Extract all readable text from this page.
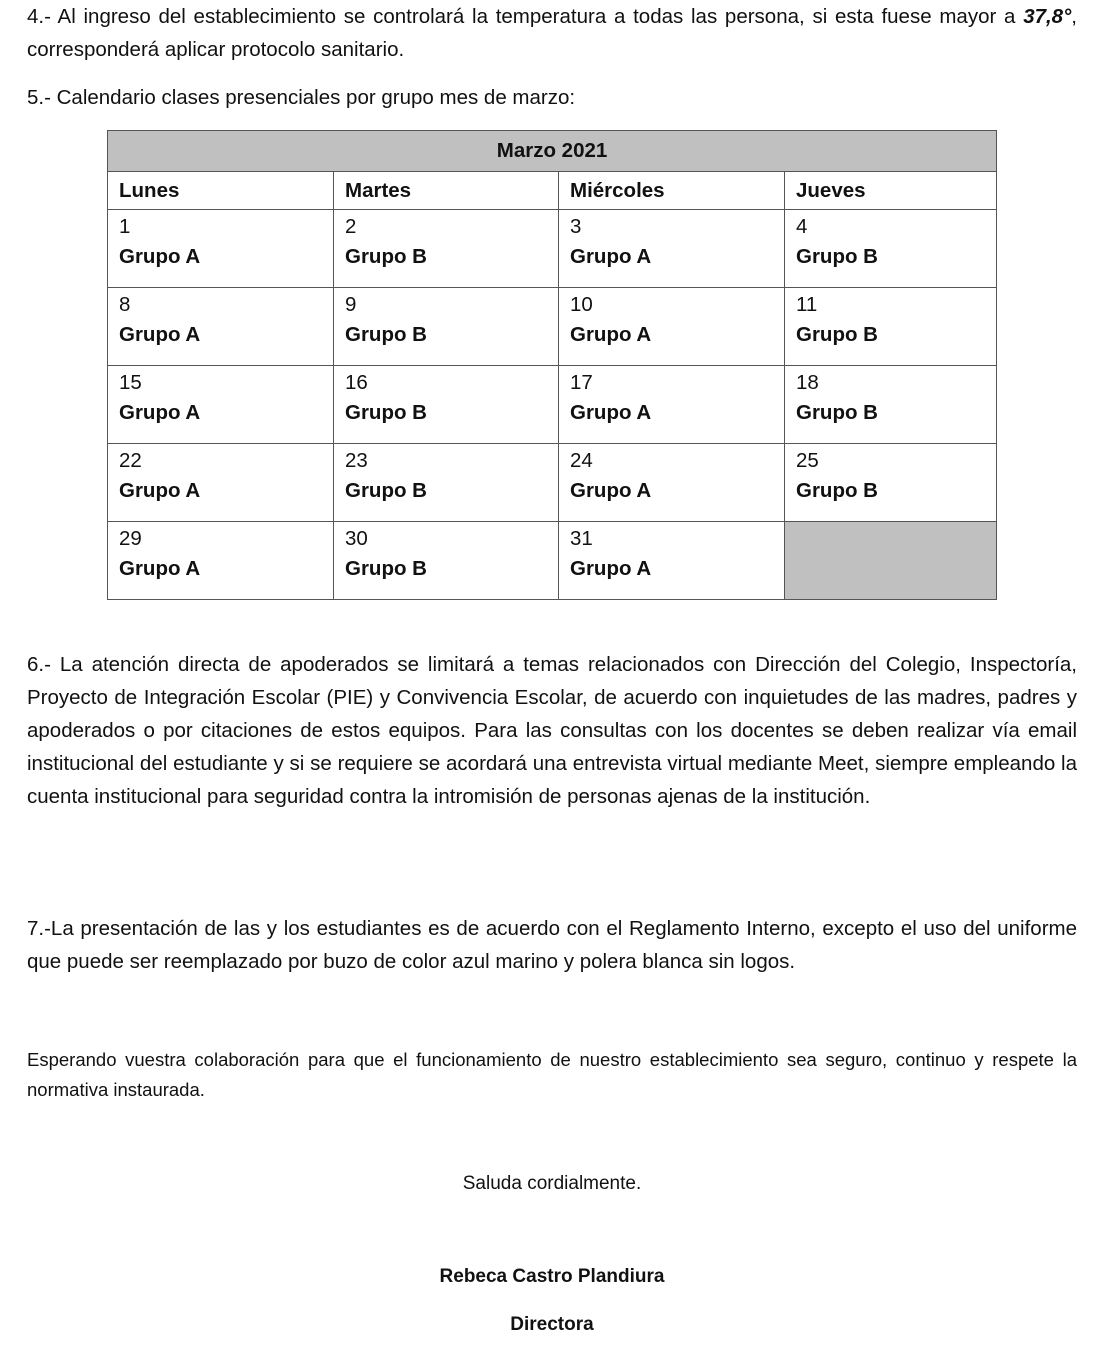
4.- Al ingreso del establecimiento se controlará la temperatura a todas las persona, si esta fuese mayor a 37,8°, corresponderá aplicar protocolo sanitario.

5.- Calendario clases presenciales por grupo mes de marzo:

Marzo 2021			
Lunes	Martes	Miércoles	Jueves

1
Grupo A	2
Grupo B	3
Grupo A	4
Grupo B

8
Grupo A	9
Grupo B	10
Grupo A	11
Grupo B

15
Grupo A	16
Grupo B	17
Grupo A	18
Grupo B

22
Grupo A	23
Grupo B	24
Grupo A	25
Grupo B

29
Grupo A	30
Grupo B	31
Grupo A	

6.- La atención directa de apoderados se limitará a temas relacionados con Dirección del Colegio, Inspectoría, Proyecto de Integración Escolar (PIE) y Convivencia Escolar, de acuerdo con inquietudes de las madres, padres y apoderados o por citaciones de estos equipos. Para las consultas con los docentes se deben realizar vía email institucional del estudiante y si se requiere se acordará una entrevista virtual mediante Meet, siempre empleando la cuenta institucional para seguridad contra la intromisión de personas ajenas de la institución.

7.-La presentación de las y los estudiantes es de acuerdo con el Reglamento Interno, excepto el uso del uniforme que puede ser reemplazado por buzo de color azul marino y polera blanca sin logos.

Esperando vuestra colaboración para que el funcionamiento de nuestro establecimiento sea seguro, continuo y respete la normativa instaurada.

Saluda cordialmente.

Rebeca Castro Plandiura

Directora
